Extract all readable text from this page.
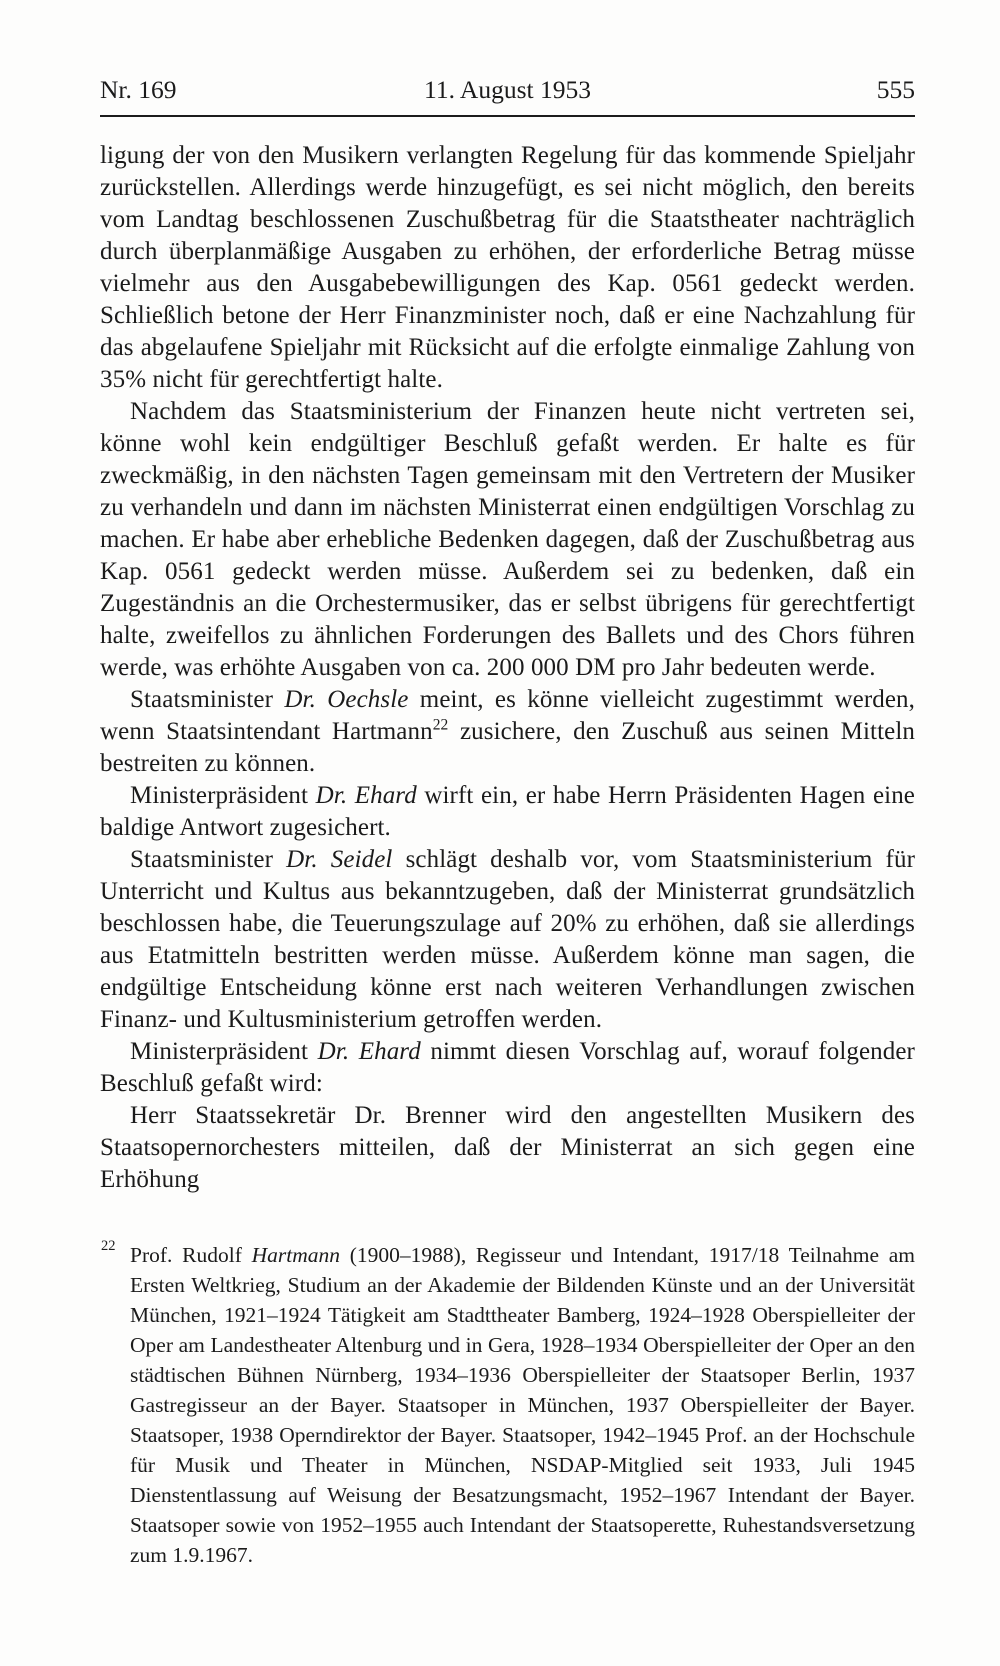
Nr. 169	11. August 1953	555

ligung der von den Musikern verlangten Regelung für das kommende Spieljahr zurückstellen. Allerdings werde hinzugefügt, es sei nicht möglich, den bereits vom Landtag beschlossenen Zuschußbetrag für die Staatstheater nachträglich durch überplanmäßige Ausgaben zu erhöhen, der erforderliche Betrag müsse vielmehr aus den Ausgabebewilligungen des Kap. 0561 gedeckt werden. Schließlich betone der Herr Finanzminister noch, daß er eine Nachzahlung für das abgelaufene Spieljahr mit Rücksicht auf die erfolgte einmalige Zahlung von 35% nicht für gerechtfertigt halte.

Nachdem das Staatsministerium der Finanzen heute nicht vertreten sei, könne wohl kein endgültiger Beschluß gefaßt werden. Er halte es für zweckmäßig, in den nächsten Tagen gemeinsam mit den Vertretern der Musiker zu verhandeln und dann im nächsten Ministerrat einen endgültigen Vorschlag zu machen. Er habe aber erhebliche Bedenken dagegen, daß der Zuschußbetrag aus Kap. 0561 gedeckt werden müsse. Außerdem sei zu bedenken, daß ein Zugeständnis an die Orchestermusiker, das er selbst übrigens für gerechtfertigt halte, zweifellos zu ähnlichen Forderungen des Ballets und des Chors führen werde, was erhöhte Ausgaben von ca. 200 000 DM pro Jahr bedeuten werde.

Staatsminister Dr. Oechsle meint, es könne vielleicht zugestimmt werden, wenn Staatsintendant Hartmann$^{22}$ zusichere, den Zuschuß aus seinen Mitteln bestreiten zu können.

Ministerpräsident Dr. Ehard wirft ein, er habe Herrn Präsidenten Hagen eine baldige Antwort zugesichert.

Staatsminister Dr. Seidel schlägt deshalb vor, vom Staatsministerium für Unterricht und Kultus aus bekanntzugeben, daß der Ministerrat grundsätzlich beschlossen habe, die Teuerungszulage auf 20% zu erhöhen, daß sie allerdings aus Etatmitteln bestritten werden müsse. Außerdem könne man sagen, die endgültige Entscheidung könne erst nach weiteren Verhandlungen zwischen Finanz- und Kultusministerium getroffen werden.

Ministerpräsident Dr. Ehard nimmt diesen Vorschlag auf, worauf folgender Beschluß gefaßt wird:

Herr Staatssekretär Dr. Brenner wird den angestellten Musikern des Staatsopernorchesters mitteilen, daß der Ministerrat an sich gegen eine Erhöhung

22 Prof. Rudolf Hartmann (1900–1988), Regisseur und Intendant, 1917/18 Teilnahme am Ersten Weltkrieg, Studium an der Akademie der Bildenden Künste und an der Universität München, 1921–1924 Tätigkeit am Stadttheater Bamberg, 1924–1928 Oberspielleiter der Oper am Landestheater Altenburg und in Gera, 1928–1934 Oberspielleiter der Oper an den städtischen Bühnen Nürnberg, 1934–1936 Oberspielleiter der Staatsoper Berlin, 1937 Gastregisseur an der Bayer. Staatsoper in München, 1937 Oberspielleiter der Bayer. Staatsoper, 1938 Operndirektor der Bayer. Staatsoper, 1942–1945 Prof. an der Hochschule für Musik und Theater in München, NSDAP-Mitglied seit 1933, Juli 1945 Dienstentlassung auf Weisung der Besatzungsmacht, 1952–1967 Intendant der Bayer. Staatsoper sowie von 1952–1955 auch Intendant der Staatsoperette, Ruhestandsversetzung zum 1.9.1967.
